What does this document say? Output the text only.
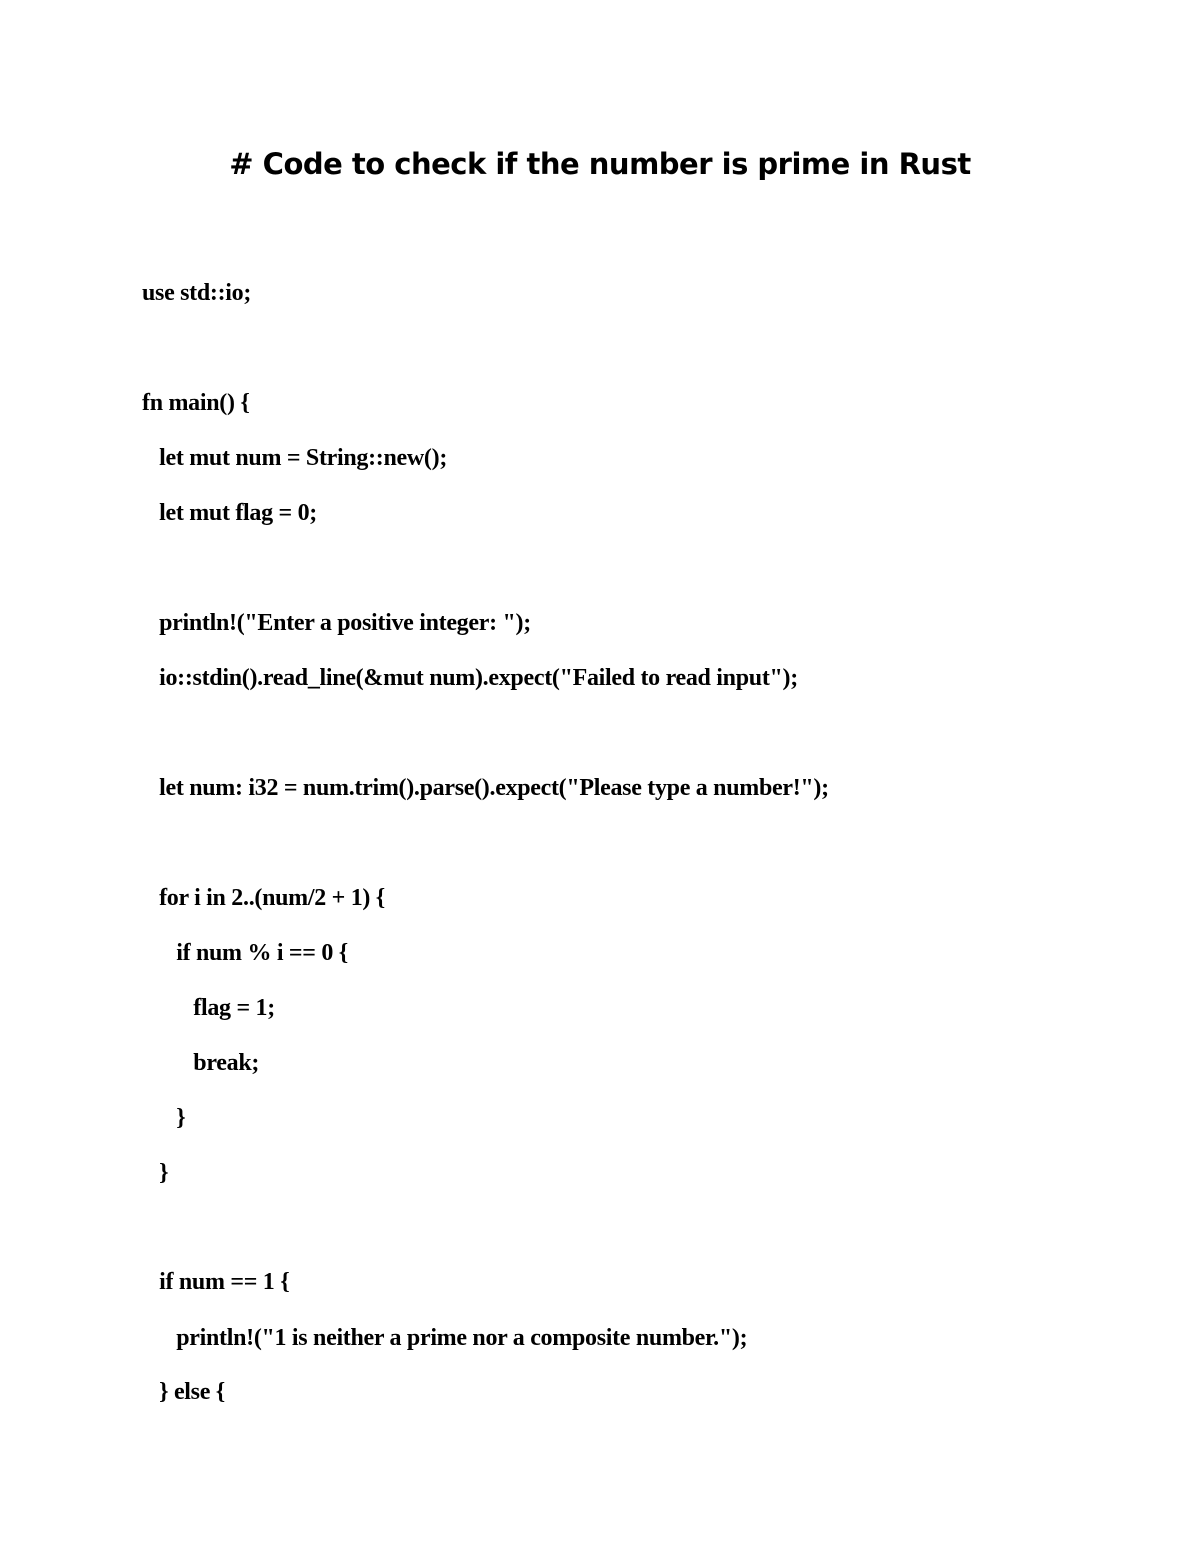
# Code to check if the number is prime in Rust
use std::io;
fn main() {
let mut num = String::new();
let mut flag = 0;
println!("Enter a positive integer: ");
io::stdin().read_line(&mut num).expect("Failed to read input");
let num: i32 = num.trim().parse().expect("Please type a number!");
for i in 2..(num/2 + 1) {
if num % i == 0 {
flag = 1;
break;
}
}
if num == 1 {
println!("1 is neither a prime nor a composite number.");
} else {
